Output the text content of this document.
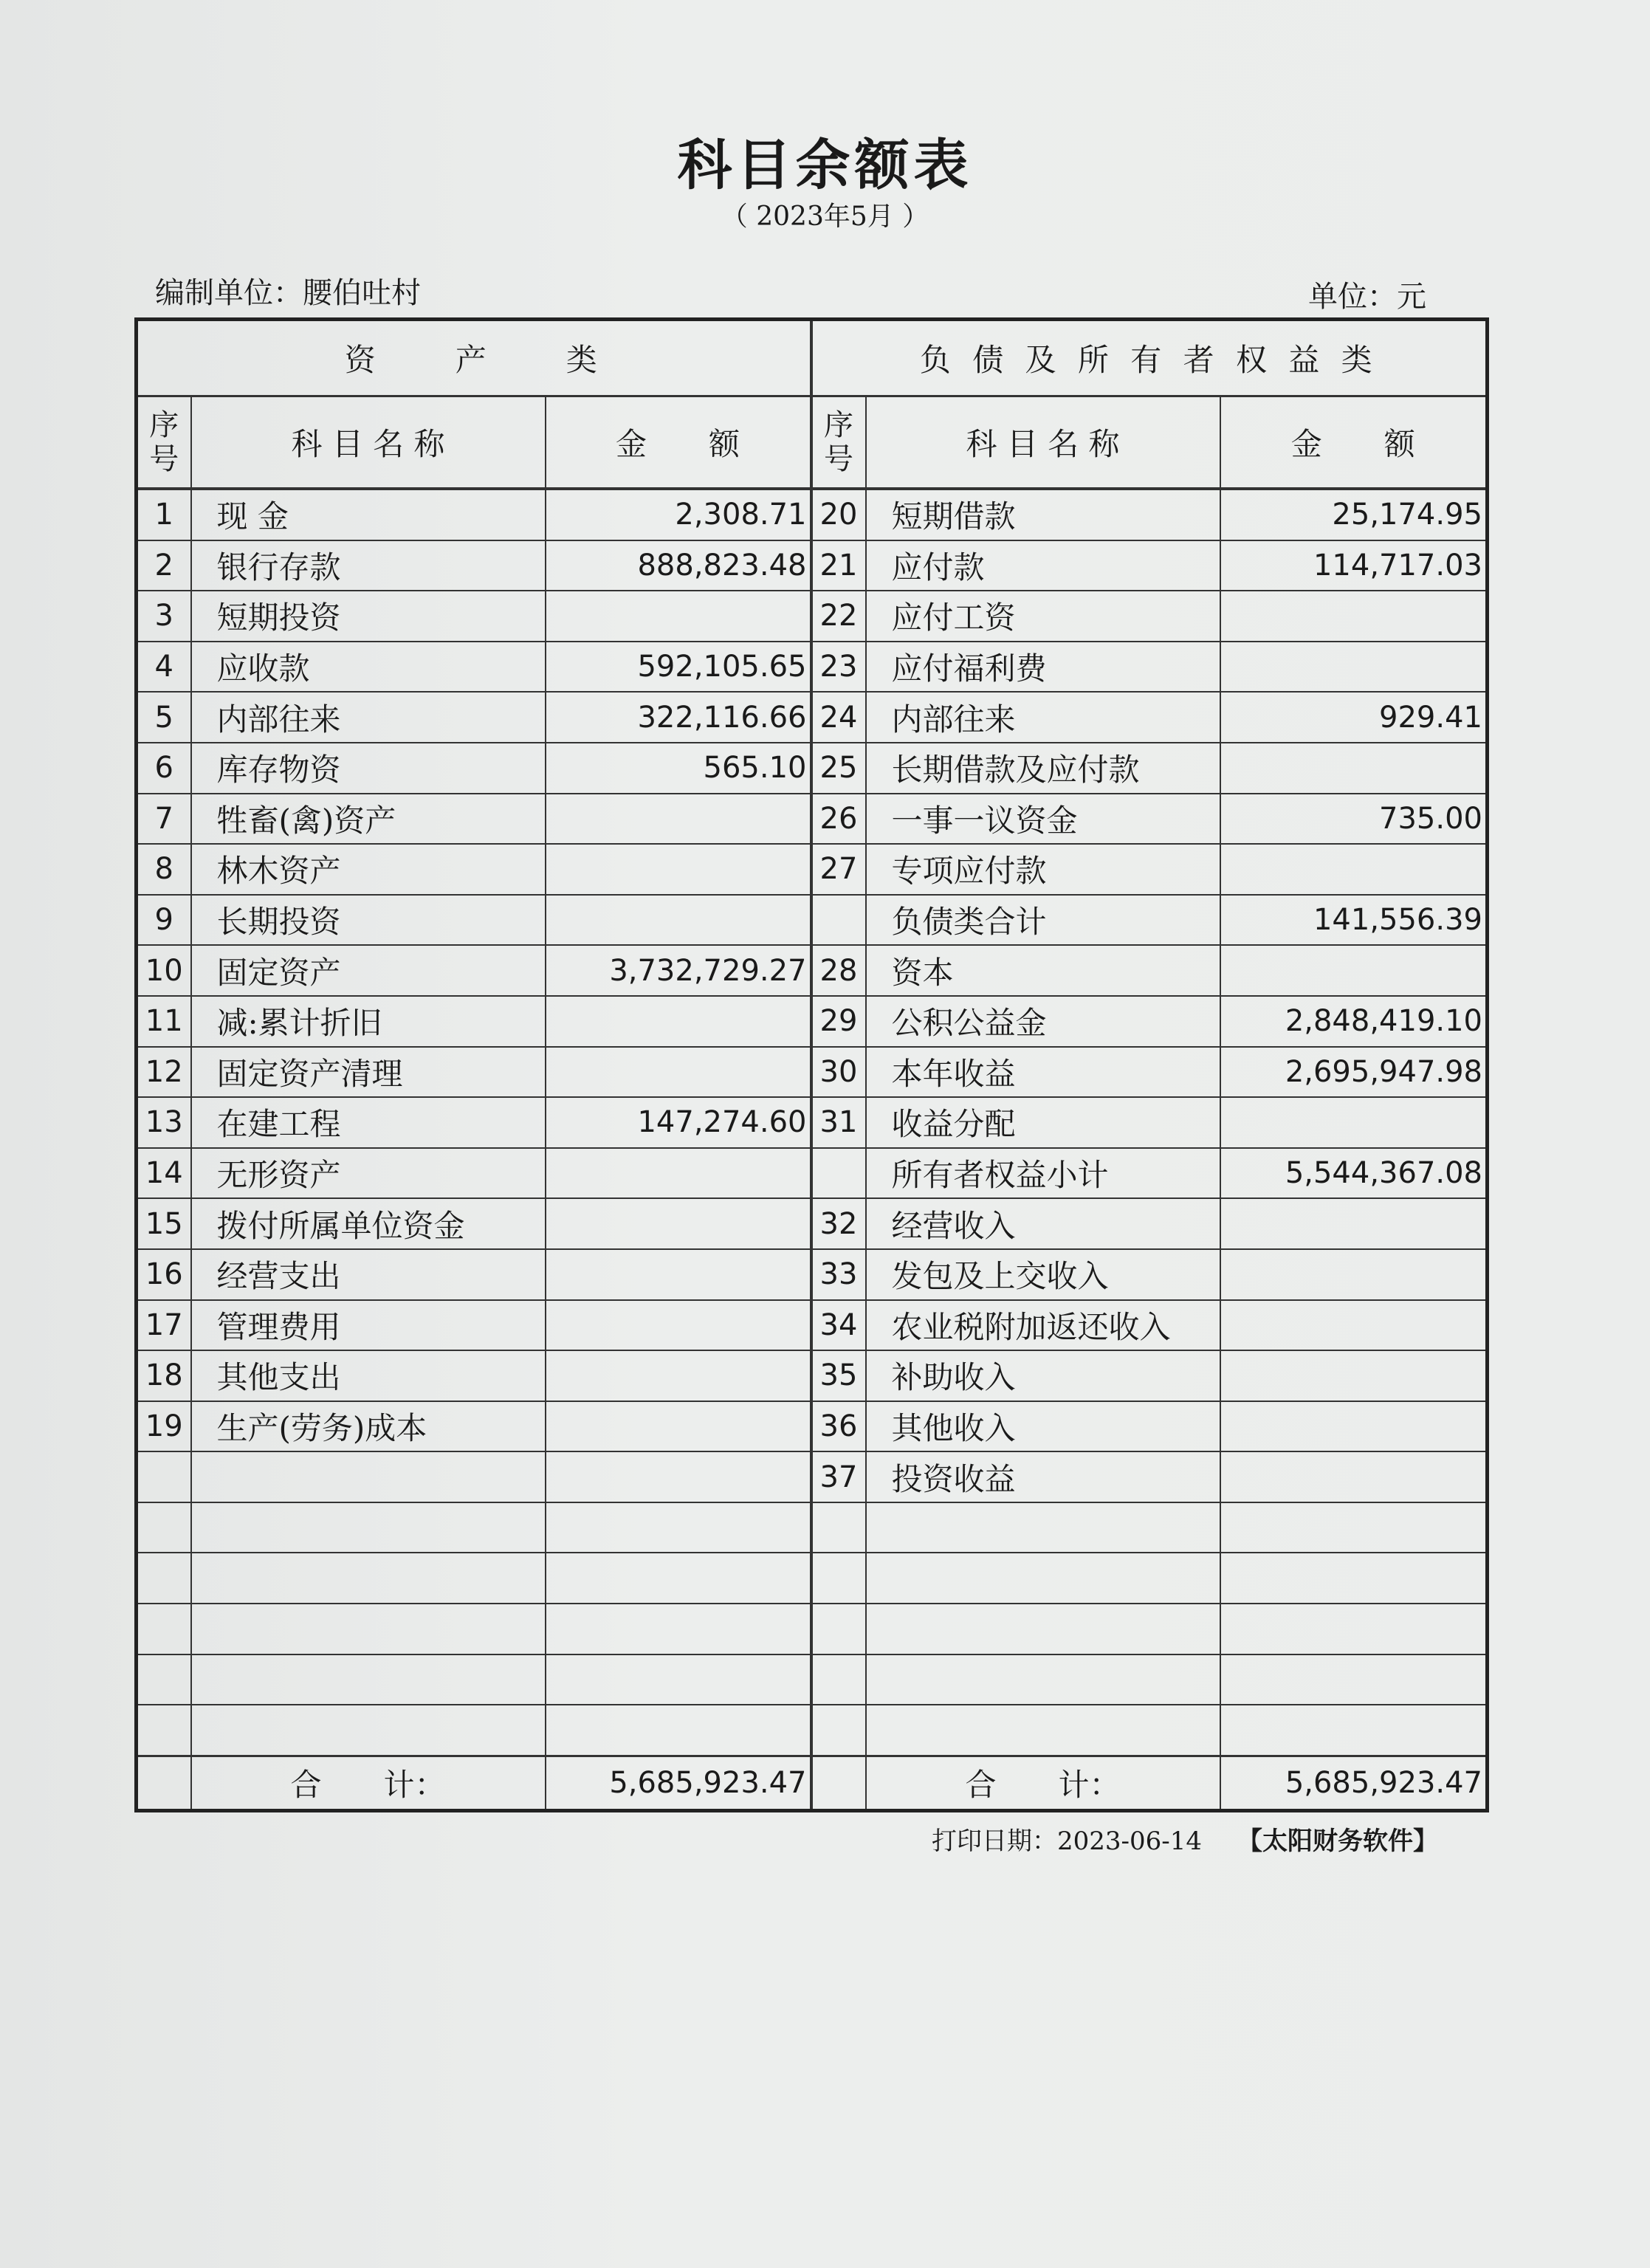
科目余额表
（ 2023年5月 ）
编制单位：腰伯吐村	单位：元
资　　产　　类			负 债 及 所 有 者 权 益 类		
序号	科 目 名 称	金　　额	序号	科 目 名 称	金　　额
1	现 金	2,308.71	20	短期借款	25,174.95
2	银行存款	888,823.48	21	应付款	114,717.03
3	短期投资		22	应付工资	
4	应收款	592,105.65	23	应付福利费	
5	内部往来	322,116.66	24	内部往来	929.41
6	库存物资	565.10	25	长期借款及应付款	
7	牲畜(禽)资产		26	一事一议资金	735.00
8	林木资产		27	专项应付款	
9	长期投资			负债类合计	141,556.39
10	固定资产	3,732,729.27	28	资本	
11	减:累计折旧		29	公积公益金	2,848,419.10
12	固定资产清理		30	本年收益	2,695,947.98
13	在建工程	147,274.60	31	收益分配	
14	无形资产			所有者权益小计	5,544,367.08
15	拨付所属单位资金		32	经营收入	
16	经营支出		33	发包及上交收入	
17	管理费用		34	农业税附加返还收入	
18	其他支出		35	补助收入	
19	生产(劳务)成本		36	其他收入	
			37	投资收益	

	合　　计：	5,685,923.47		合　　计：	5,685,923.47
打印日期：2023-06-14 【太阳财务软件】
